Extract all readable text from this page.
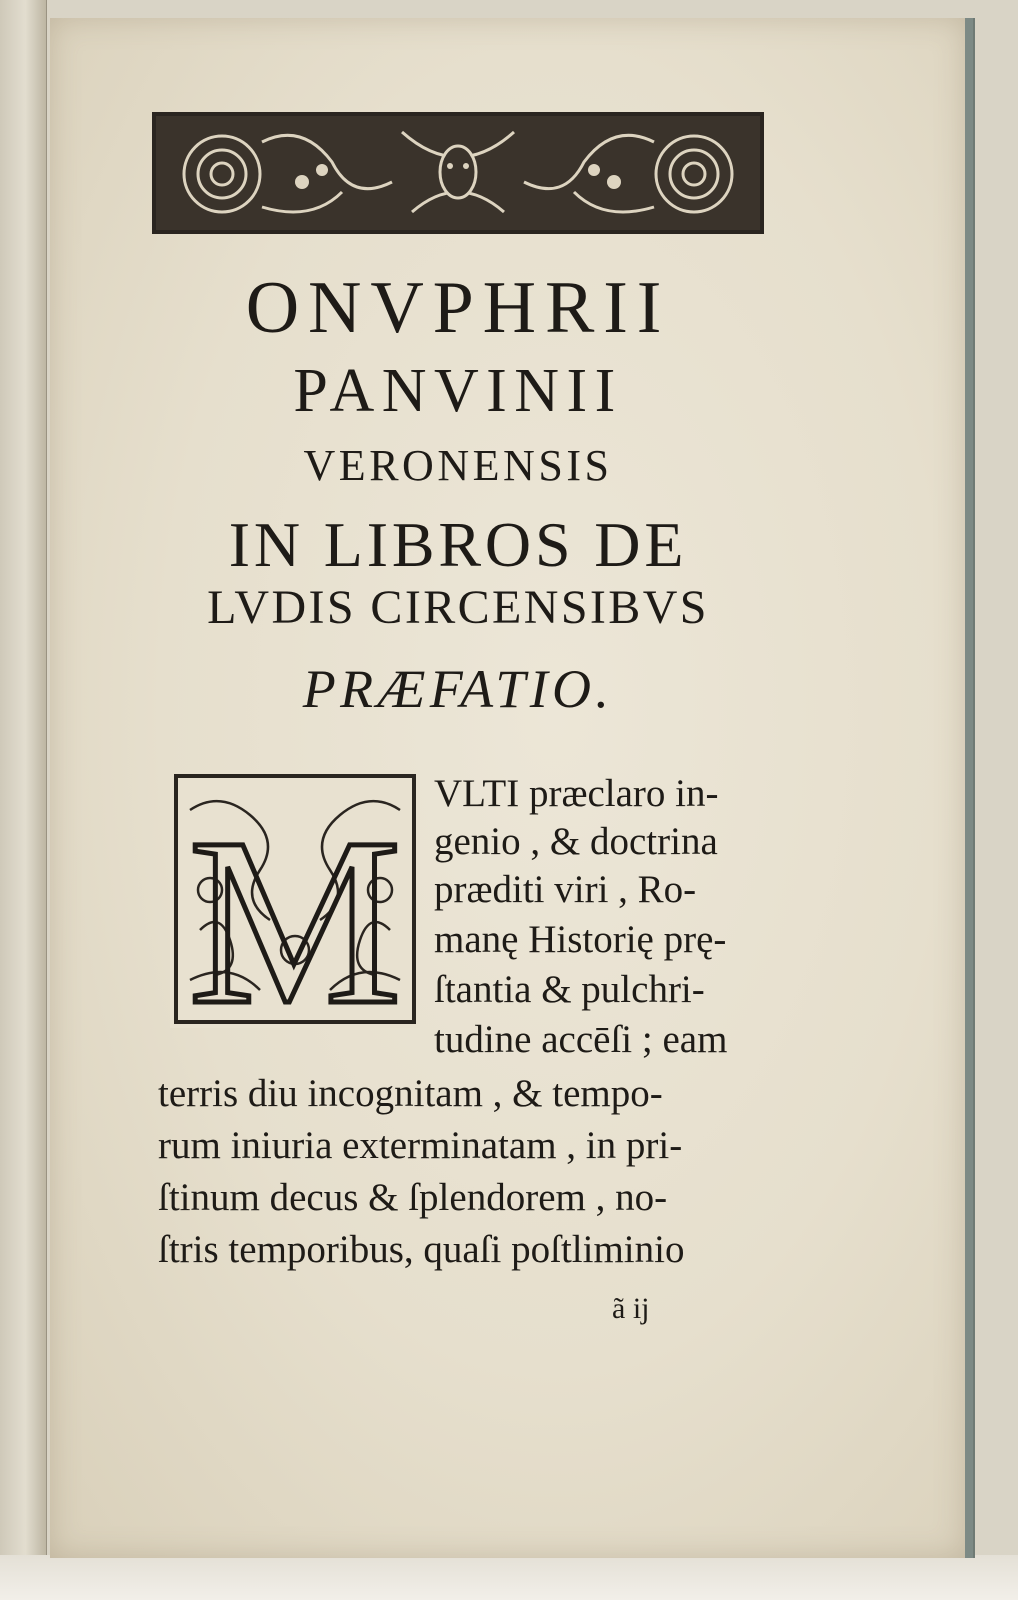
ONVPHRII
PANVINII
VERONENSIS
IN LIBROS DE
LVDIS CIRCENSIBVS
PRÆFATIO.
M VLTI præclaro in-
genio , & doctrina
præditi viri , Ro-
manę Historię prę-
ſtantia & pulchri-
tudine accēſi ; eam
terris diu incognitam , & tempo-
rum iniuria exterminatam , in pri-
ſtinum decus & ſplendorem , no-
ſtris temporibus, quaſi poſtliminio
ã ij
